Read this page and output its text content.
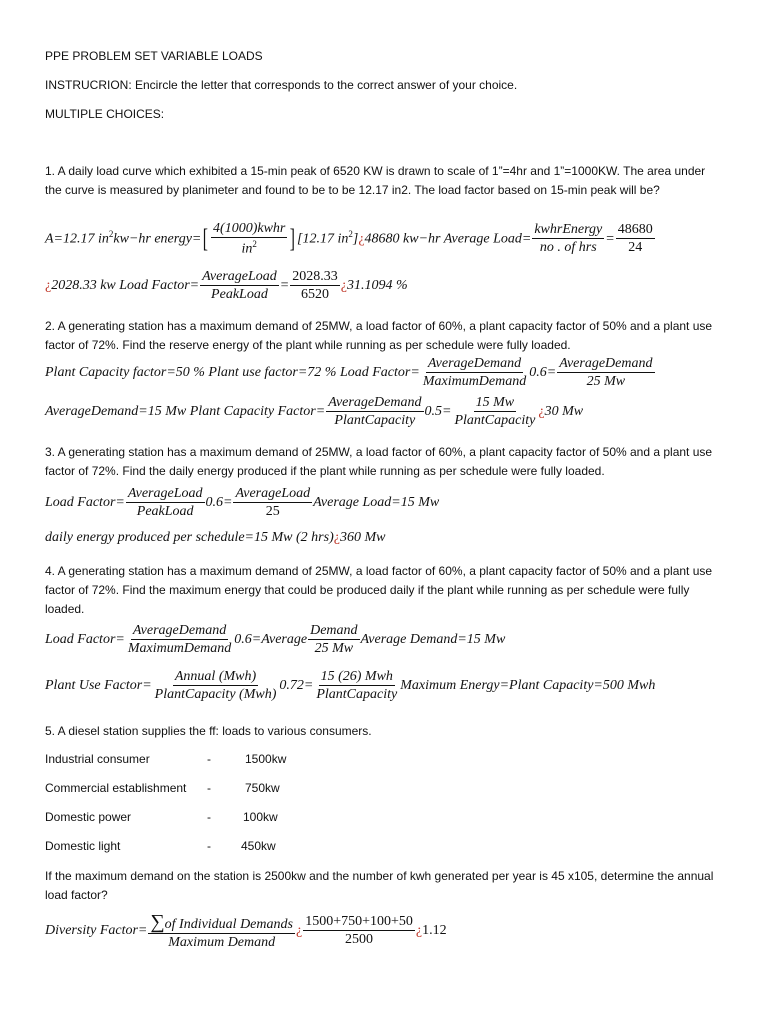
PPE PROBLEM SET VARIABLE LOADS
INSTRUCRION: Encircle the letter that corresponds to the correct answer of your choice.
MULTIPLE CHOICES:
1. A daily load curve which exhibited a 15-min peak of 6520 KW is drawn to scale of 1”=4hr and 1”=1000KW. The area under the curve is measured by planimeter and found to be to be 12.17 in2. The load factor based on 15-min peak will be?
A=12.17 $in^2kw-hr$ energy=[ $\frac{\text{4(1000)kwhr}}{in^2}$ ] [12.17 $in^2]¿48680$ kw−hr Average Load= $\frac{\text{kwhrEnergy}}{\text{no . of hrs}} = \frac{48680}{24}$
¿2028.33 kw Load Factor= $\frac{\text{AverageLoad}}{\text{PeakLoad}} = \frac{2028.33}{6520}$ ¿31.1094 %
2. A generating station has a maximum demand of 25MW, a load factor of 60%, a plant capacity factor of 50% and a plant use factor of 72%. Find the reserve energy of the plant while running as per schedule were fully loaded.
Plant Capacity factor=50 % Plant use factor=72 % Load Factor= $\frac{\text{AverageDemand}}{\text{MaximumDemand}} 0.6= \frac{\text{AverageDemand}}{25 Mw}$
AverageDemand=15 Mw Plant Capacity Factor= $\frac{\text{AverageDemand}}{\text{PlantCapacity}} 0.5= \frac{15 Mw}{\text{PlantCapacity}}$ ¿30 Mw
3. A generating station has a maximum demand of 25MW, a load factor of 60%, a plant capacity factor of 50% and a plant use factor of 72%. Find the daily energy produced if the plant while running as per schedule were fully loaded.
Load Factor= $\frac{\text{AverageLoad}}{\text{PeakLoad}} 0.6= \frac{\text{AverageLoad}}{25}$ Average Load=15 Mw
daily energy produced per schedule=15 Mw (2 hrs)¿360 Mw
4. A generating station has a maximum demand of 25MW, a load factor of 60%, a plant capacity factor of 50% and a plant use factor of 72%. Find the maximum energy that could be produced daily if the plant while running as per schedule were fully loaded.
Load Factor= $\frac{\text{AverageDemand}}{\text{MaximumDemand}}$ 0.6=Average $\frac{\text{Demand}}{25 Mw}$ Average Demand=15 Mw
Plant Use Factor= $\frac{\text{Annual (Mwh)}}{\text{PlantCapacity (Mwh)}} 0.72= \frac{\text{15 (26) Mwh}}{\text{PlantCapacity}}$ Maximum Energy=Plant Capacity=500 Mwh
5. A diesel station supplies the ff: loads to various consumers.
Industrial consumer	-	1500kw
Commercial establishment -	750kw
Domestic power	-	100kw
Domestic light	-	450kw
If the maximum demand on the station is 2500kw and the number of kwh generated per year is 45 x105, determine the annual load factor?
Diversity Factor= $\frac{\text{∑of Individual Demands}}{\text{Maximum Demand}}$ ¿ $\frac{1500+750+100+50}{2500}$ ¿1.12
